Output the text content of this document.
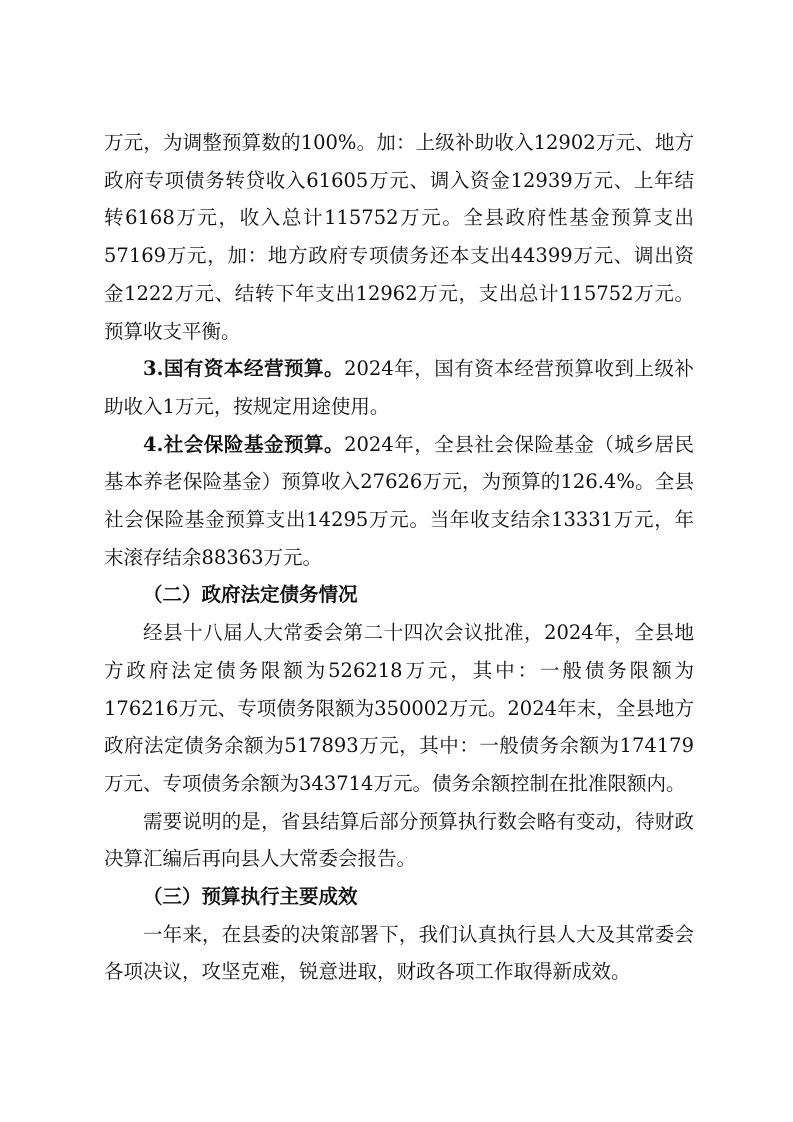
万元，为调整预算数的100%。加：上级补助收入12902万元、地方政府专项债务转贷收入61605万元、调入资金12939万元、上年结转6168万元，收入总计115752万元。全县政府性基金预算支出57169万元，加：地方政府专项债务还本支出44399万元、调出资金1222万元、结转下年支出12962万元，支出总计115752万元。预算收支平衡。

3.国有资本经营预算。2024年，国有资本经营预算收到上级补助收入1万元，按规定用途使用。

4.社会保险基金预算。2024年，全县社会保险基金（城乡居民基本养老保险基金）预算收入27626万元，为预算的126.4%。全县社会保险基金预算支出14295万元。当年收支结余13331万元，年末滚存结余88363万元。

（二）政府法定债务情况

经县十八届人大常委会第二十四次会议批准，2024年，全县地方政府法定债务限额为526218万元，其中：一般债务限额为176216万元、专项债务限额为350002万元。2024年末，全县地方政府法定债务余额为517893万元，其中：一般债务余额为174179万元、专项债务余额为343714万元。债务余额控制在批准限额内。

需要说明的是，省县结算后部分预算执行数会略有变动，待财政决算汇编后再向县人大常委会报告。

（三）预算执行主要成效

一年来，在县委的决策部署下，我们认真执行县人大及其常委会各项决议，攻坚克难，锐意进取，财政各项工作取得新成效。
